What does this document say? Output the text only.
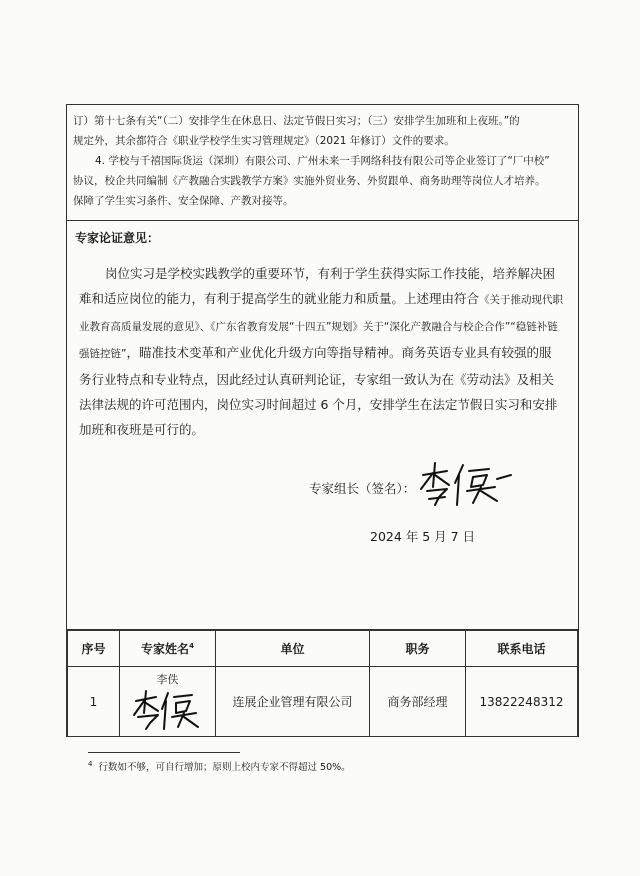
订）第十七条有关“（二）安排学生在休息日、法定节假日实习；（三）安排学生加班和上夜班。”的

规定外，其余都符合《职业学校学生实习管理规定》（2021 年修订）文件的要求。

4. 学校与千禧国际货运（深圳）有限公司、广州未来一手网络科技有限公司等企业签订了“厂中校”

协议，校企共同编制《产教融合实践教学方案》实施外贸业务、外贸跟单、商务助理等岗位人才培养。

保障了学生实习条件、安全保障、产教对接等。

专家论证意见：
岗位实习是学校实践教学的重要环节，有利于学生获得实际工作技能，培养解决困难和适应岗位的能力，有利于提高学生的就业能力和质量。上述理由符合《关于推动现代职业教育高质量发展的意见》、《广东省教育发展“十四五”规划》关于“深化产教融合与校企合作”“稳链补链强链控链”，瞄准技术变革和产业优化升级方向等指导精神。商务英语专业具有较强的服务行业特点和专业特点，因此经过认真研判论证，专家组一致认为在《劳动法》及相关法律法规的许可范围内，岗位实习时间超过 6 个月，安排学生在法定节假日实习和安排加班和夜班是可行的。
专家组长（签名）：
2024 年 5 月 7 日
序号	专家姓名$^4$	单位	职务	联系电话
1	李佚	连展企业管理有限公司	商务部经理	13822248312
$^4$ 行数如不够，可自行增加；原则上校内专家不得超过 50%。
